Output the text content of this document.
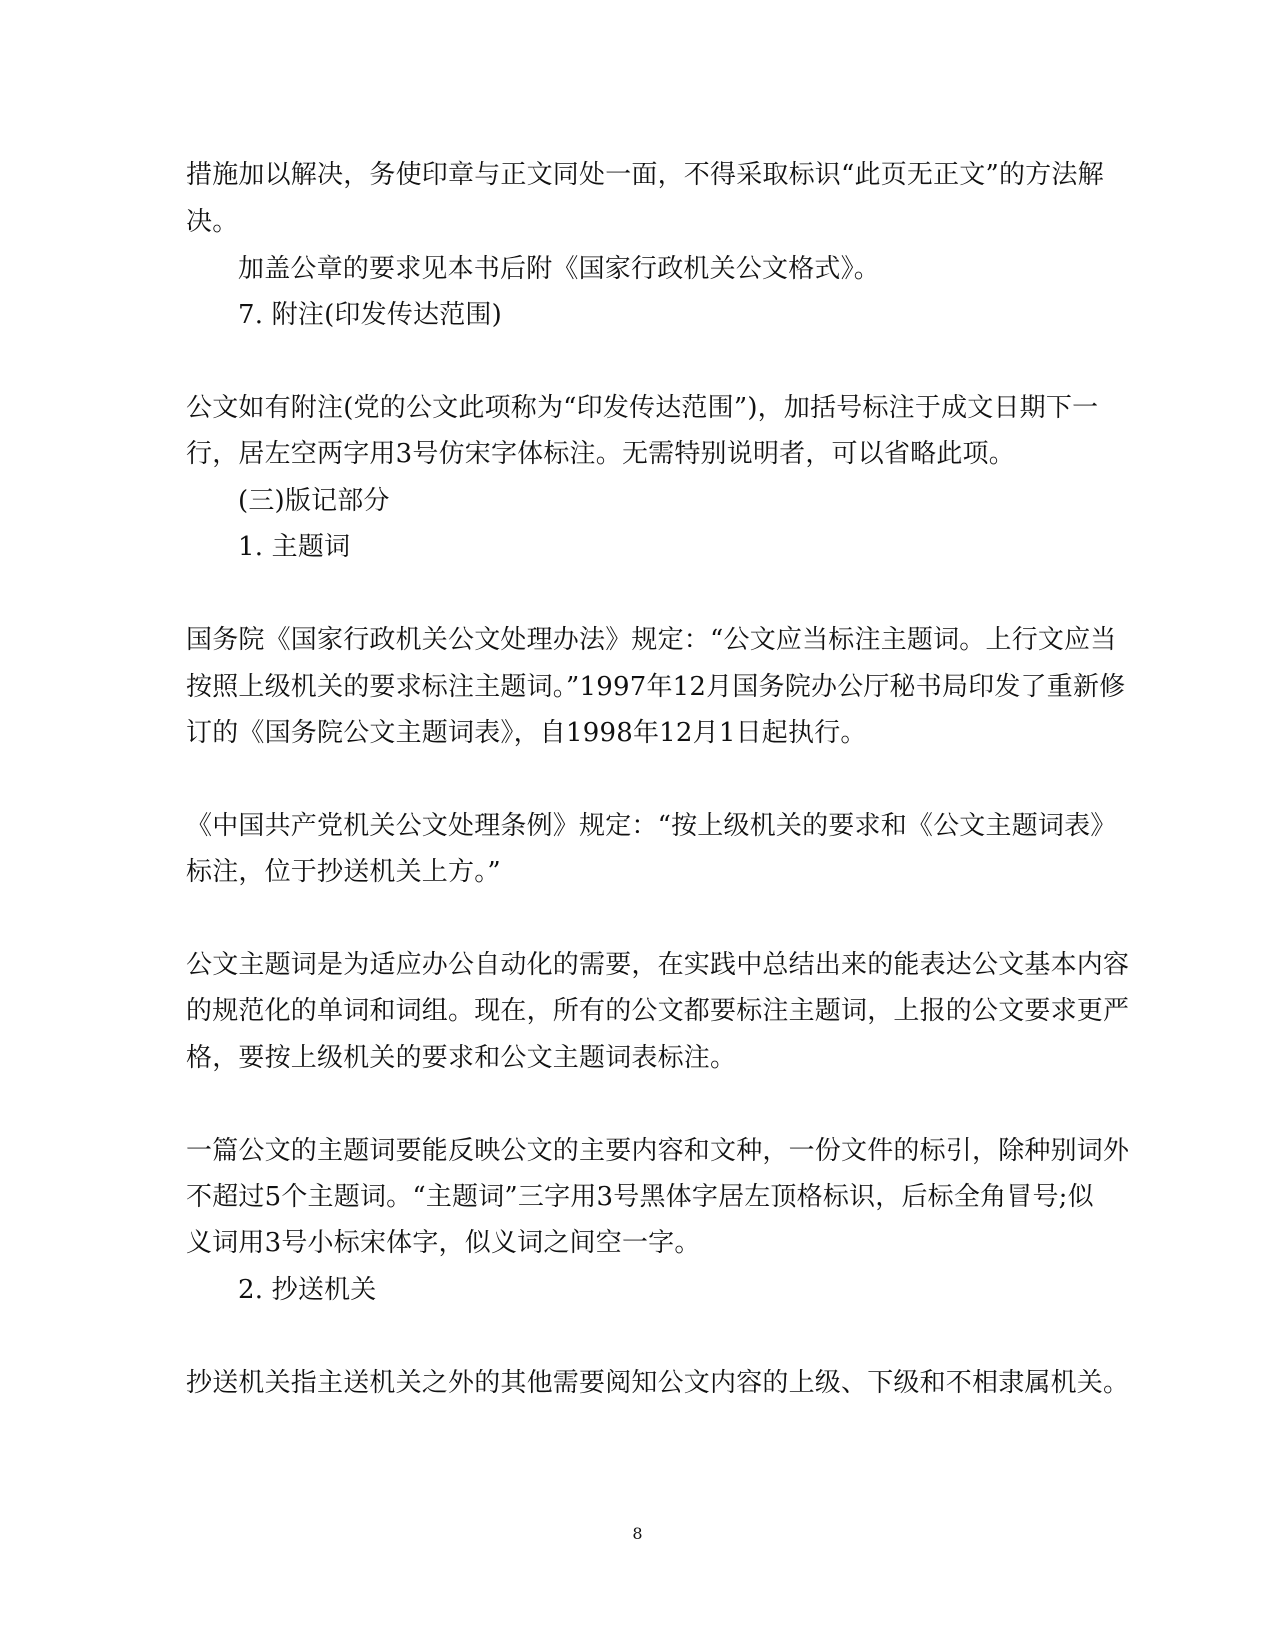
措施加以解决，务使印章与正文同处一面，不得采取标识“此页无正文”的方法解
决。
加盖公章的要求见本书后附《国家行政机关公文格式》。
7. 附注(印发传达范围)
公文如有附注(党的公文此项称为“印发传达范围”)，加括号标注于成文日期下一
行，居左空两字用3号仿宋字体标注。无需特别说明者，可以省略此项。
(三)版记部分
1. 主题词
国务院《国家行政机关公文处理办法》规定：“公文应当标注主题词。上行文应当
按照上级机关的要求标注主题词。”1997年12月国务院办公厅秘书局印发了重新修
订的《国务院公文主题词表》，自1998年12月1日起执行。
《中国共产党机关公文处理条例》规定：“按上级机关的要求和《公文主题词表》
标注，位于抄送机关上方。”
公文主题词是为适应办公自动化的需要，在实践中总结出来的能表达公文基本内容
的规范化的单词和词组。现在，所有的公文都要标注主题词，上报的公文要求更严
格，要按上级机关的要求和公文主题词表标注。
一篇公文的主题词要能反映公文的主要内容和文种，一份文件的标引，除种别词外
不超过5个主题词。“主题词”三字用3号黑体字居左顶格标识，后标全角冒号;似
义词用3号小标宋体字，似义词之间空一字。
2. 抄送机关
抄送机关指主送机关之外的其他需要阅知公文内容的上级、下级和不相隶属机关。
8
